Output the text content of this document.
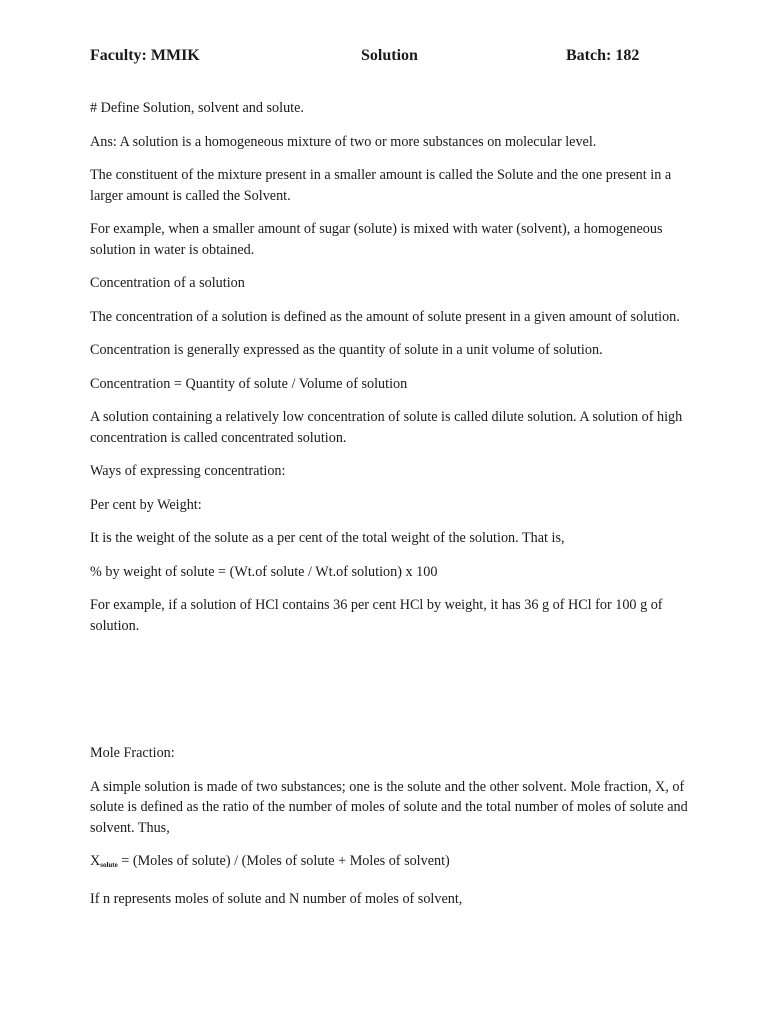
Faculty: MMIK	Solution	Batch: 182

# Define Solution, solvent and solute.

Ans: A solution is a homogeneous mixture of two or more substances on molecular level.

The constituent of the mixture present in a smaller amount is called the Solute and the one present in a larger amount is called the Solvent.

For example, when a smaller amount of sugar (solute) is mixed with water (solvent), a homogeneous solution in water is obtained.

Concentration of a solution

The concentration of a solution is defined as the amount of solute present in a given amount of solution.

Concentration is generally expressed as the quantity of solute in a unit volume of solution.

Concentration = Quantity of solute / Volume of solution

A solution containing a relatively low concentration of solute is called dilute solution. A solution of high concentration is called concentrated solution.

Ways of expressing concentration:

Per cent by Weight:

It is the weight of the solute as a per cent of the total weight of the solution. That is,

% by weight of solute = (Wt.of solute / Wt.of solution) x 100

For example, if a solution of HCl contains 36 per cent HCl by weight, it has 36 g of HCl for 100 g of solution.

Mole Fraction:

A simple solution is made of two substances; one is the solute and the other solvent. Mole fraction, X, of solute is defined as the ratio of the number of moles of solute and the total number of moles of solute and solvent. Thus,

$X_{solute}$ = (Moles of solute) / (Moles of solute + Moles of solvent)

If n represents moles of solute and N number of moles of solvent,
